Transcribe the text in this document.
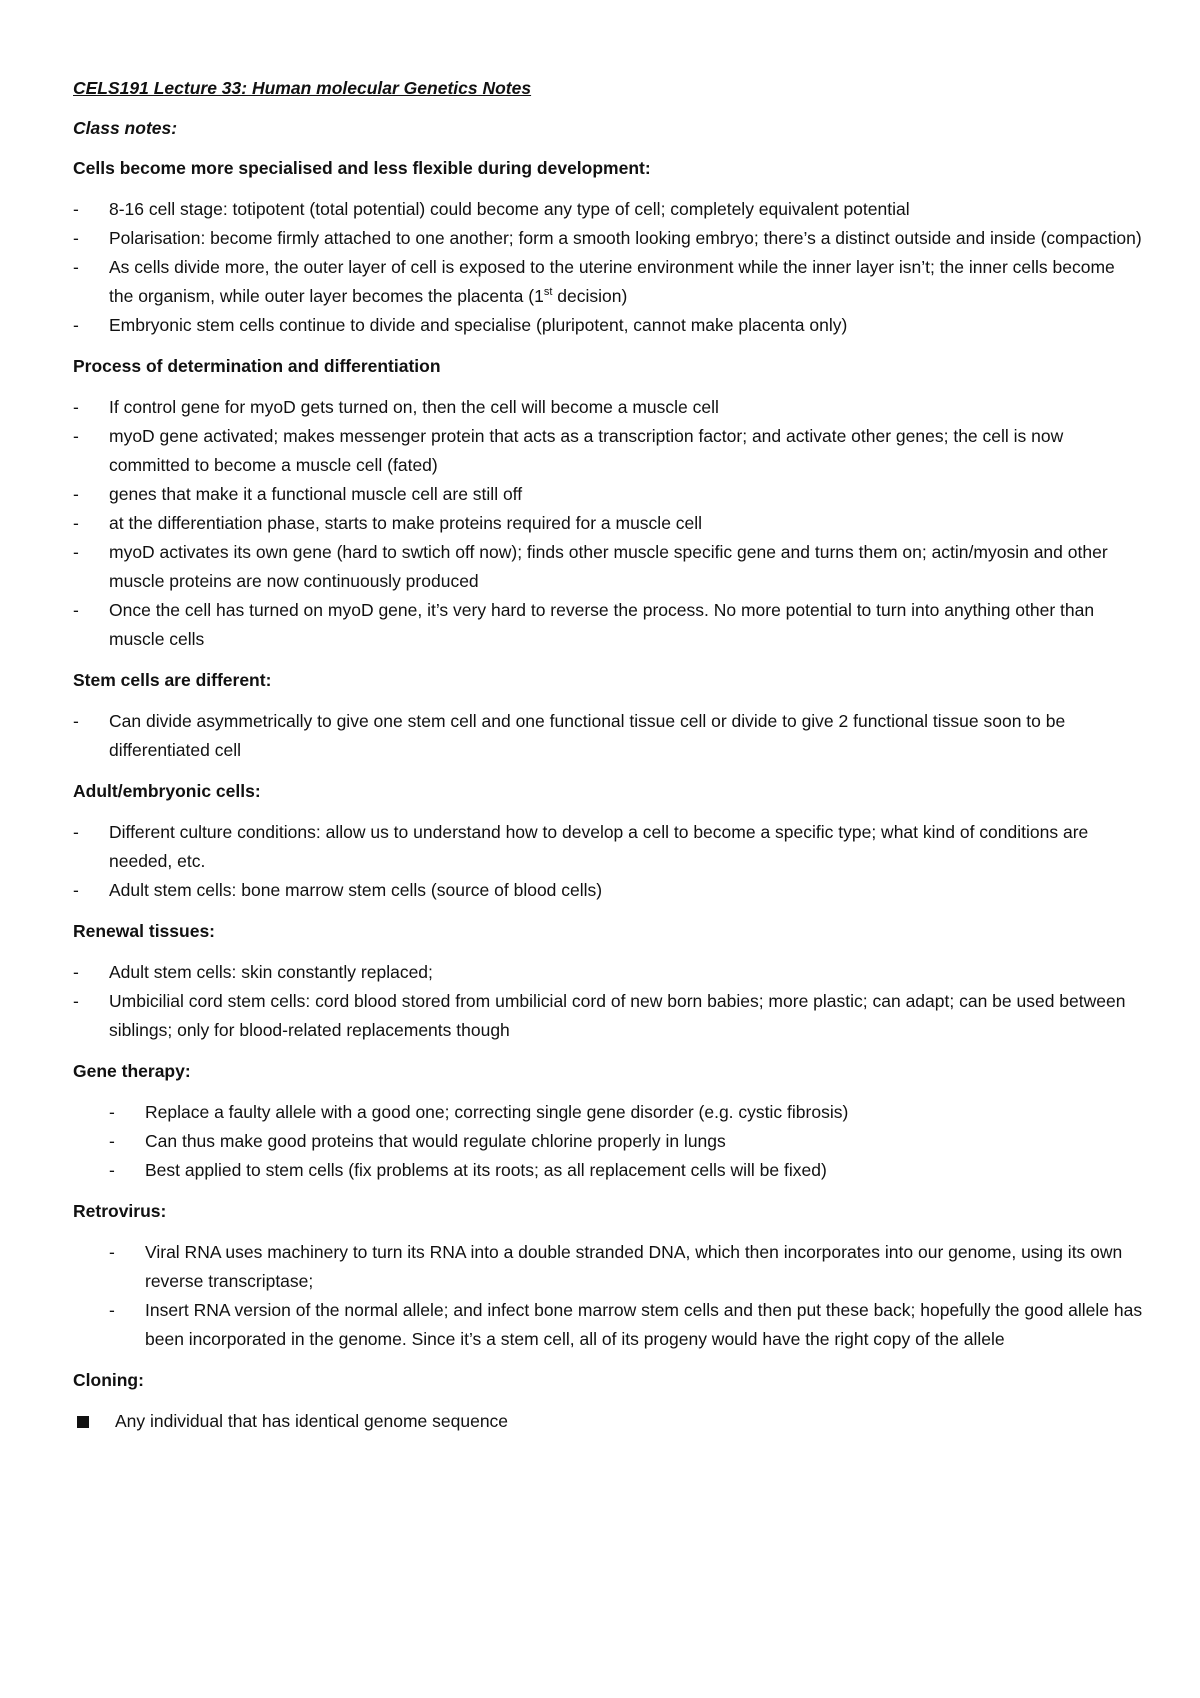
CELS191 Lecture 33: Human molecular Genetics Notes

Class notes:

Cells become more specialised and less flexible during development:

-	8-16 cell stage: totipotent (total potential) could become any type of cell; completely equivalent potential
-	Polarisation: become firmly attached to one another; form a smooth looking embryo; there’s a distinct outside and inside (compaction)
-	As cells divide more, the outer layer of cell is exposed to the uterine environment while the inner layer isn’t; the inner cells become the organism, while outer layer becomes the placenta (1st decision)
-	Embryonic stem cells continue to divide and specialise (pluripotent, cannot make placenta only)

Process of determination and differentiation

-	If control gene for myoD gets turned on, then the cell will become a muscle cell
-	myoD gene activated; makes messenger protein that acts as a transcription factor; and activate other genes; the cell is now committed to become a muscle cell (fated)
-	genes that make it a functional muscle cell are still off
-	at the differentiation phase, starts to make proteins required for a muscle cell
-	myoD activates its own gene (hard to swtich off now); finds other muscle specific gene and turns them on; actin/myosin and other muscle proteins are now continuously produced
-	Once the cell has turned on myoD gene, it’s very hard to reverse the process. No more potential to turn into anything other than muscle cells

Stem cells are different:

-	Can divide asymmetrically to give one stem cell and one functional tissue cell or divide to give 2 functional tissue soon to be differentiated cell

Adult/embryonic cells:

-	Different culture conditions: allow us to understand how to develop a cell to become a specific type; what kind of conditions are needed, etc.
-	Adult stem cells: bone marrow stem cells (source of blood cells)

Renewal tissues:

-	Adult stem cells: skin constantly replaced;
-	Umbicilial cord stem cells: cord blood stored from umbilicial cord of new born babies; more plastic; can adapt; can be used between siblings; only for blood-related replacements though

Gene therapy:

-	Replace a faulty allele with a good one; correcting single gene disorder (e.g. cystic fibrosis)
-	Can thus make good proteins that would regulate chlorine properly in lungs
-	Best applied to stem cells (fix problems at its roots; as all replacement cells will be fixed)

Retrovirus:

-	Viral RNA uses machinery to turn its RNA into a double stranded DNA, which then incorporates into our genome, using its own reverse transcriptase;
-	Insert RNA version of the normal allele; and infect bone marrow stem cells and then put these back; hopefully the good allele has been incorporated in the genome. Since it’s a stem cell, all of its progeny would have the right copy of the allele

Cloning:

Any individual that has identical genome sequence
